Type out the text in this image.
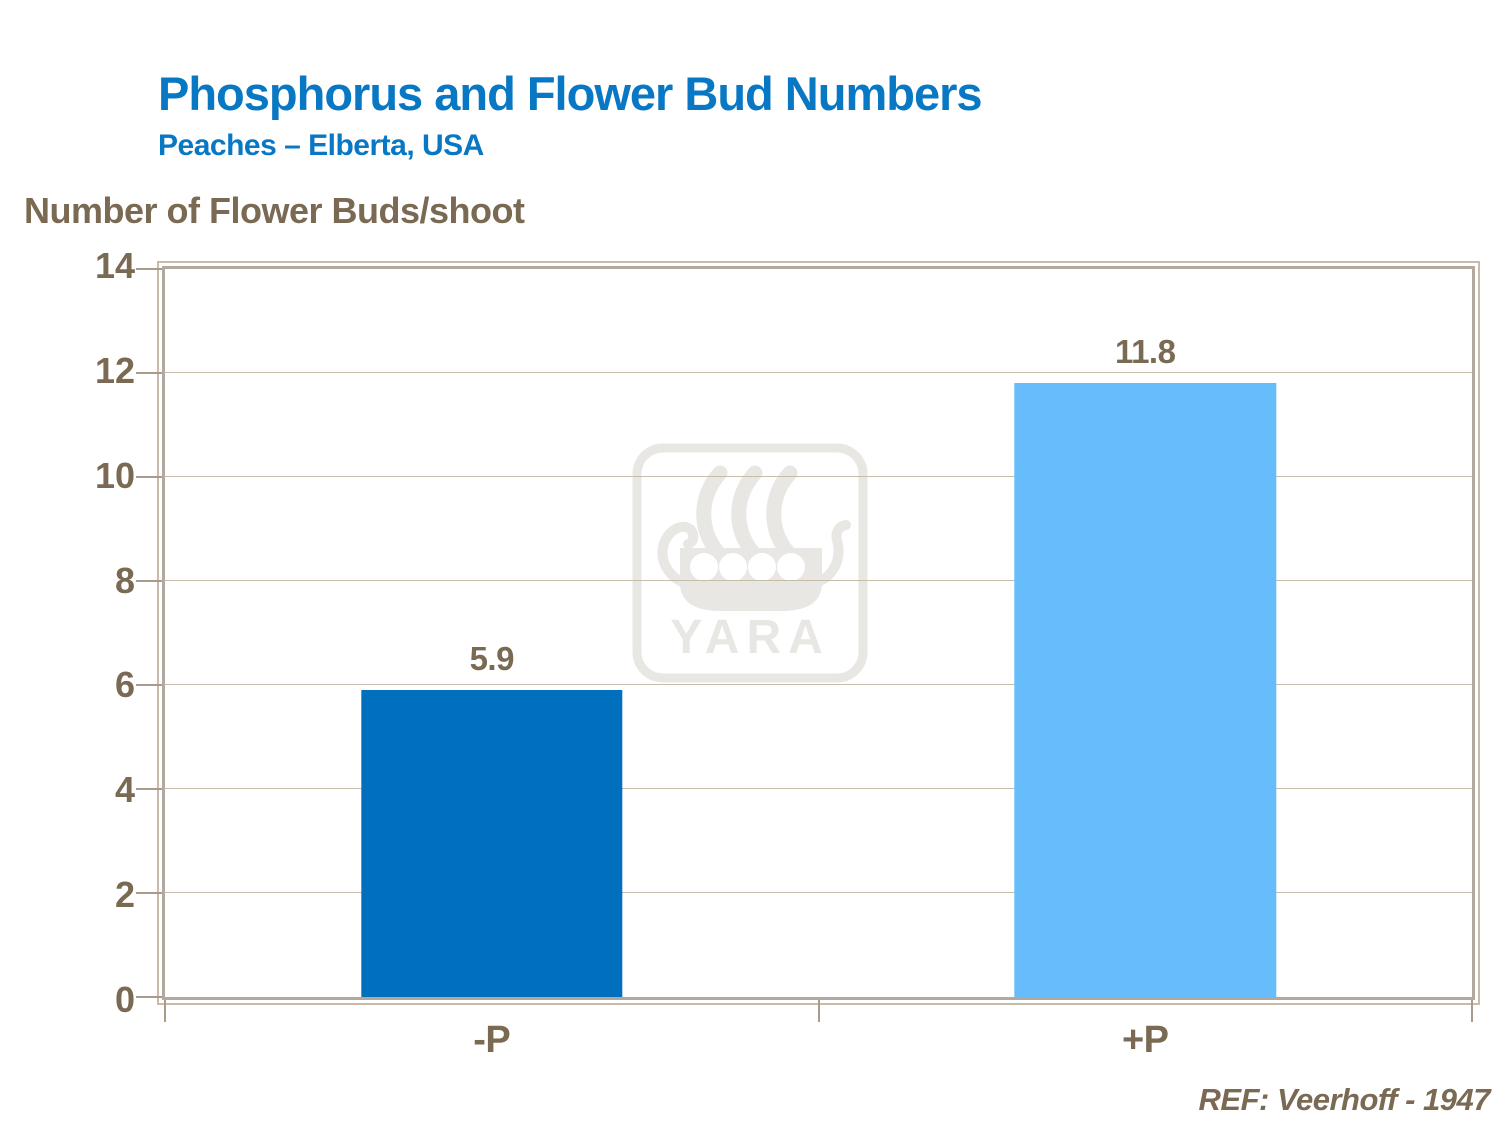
Phosphorus and Flower Bud Numbers
Peaches – Elberta, USA
Number of Flower Buds/shoot
YARA
5.9
11.8
0
2
4
6
8
10
12
14
-P	+P
REF: Veerhoff - 1947
